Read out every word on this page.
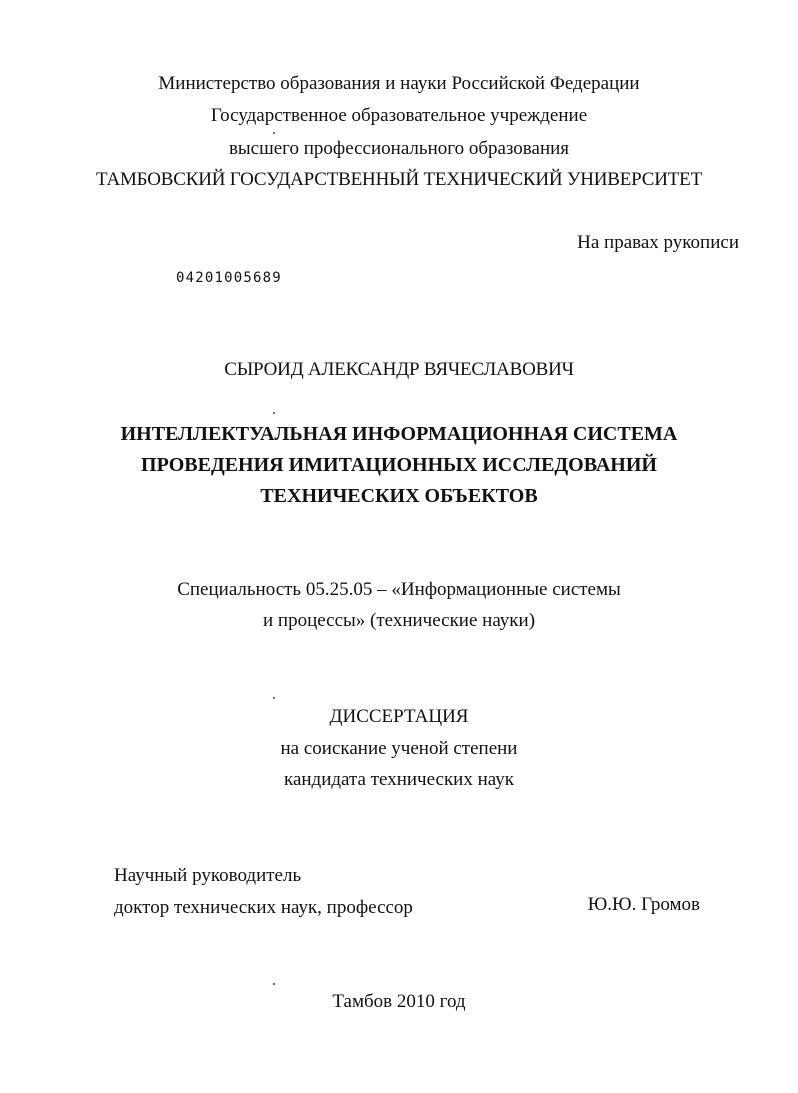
Министерство образования и науки Российской Федерации
Государственное образовательное учреждение
высшего профессионального образования
ТАМБОВСКИЙ ГОСУДАРСТВЕННЫЙ ТЕХНИЧЕСКИЙ УНИВЕРСИТЕТ
На правах рукописи
04201005689
СЫРОИД АЛЕКСАНДР ВЯЧЕСЛАВОВИЧ
ИНТЕЛЛЕКТУАЛЬНАЯ ИНФОРМАЦИОННАЯ СИСТЕМА
ПРОВЕДЕНИЯ ИМИТАЦИОННЫХ ИССЛЕДОВАНИЙ
ТЕХНИЧЕСКИХ ОБЪЕКТОВ
Специальность 05.25.05 – «Информационные системы
и процессы» (технические науки)
ДИССЕРТАЦИЯ
на соискание ученой степени
кандидата технических наук
Научный руководитель
доктор технических наук, профессор	Ю.Ю. Громов
Тамбов 2010 год
